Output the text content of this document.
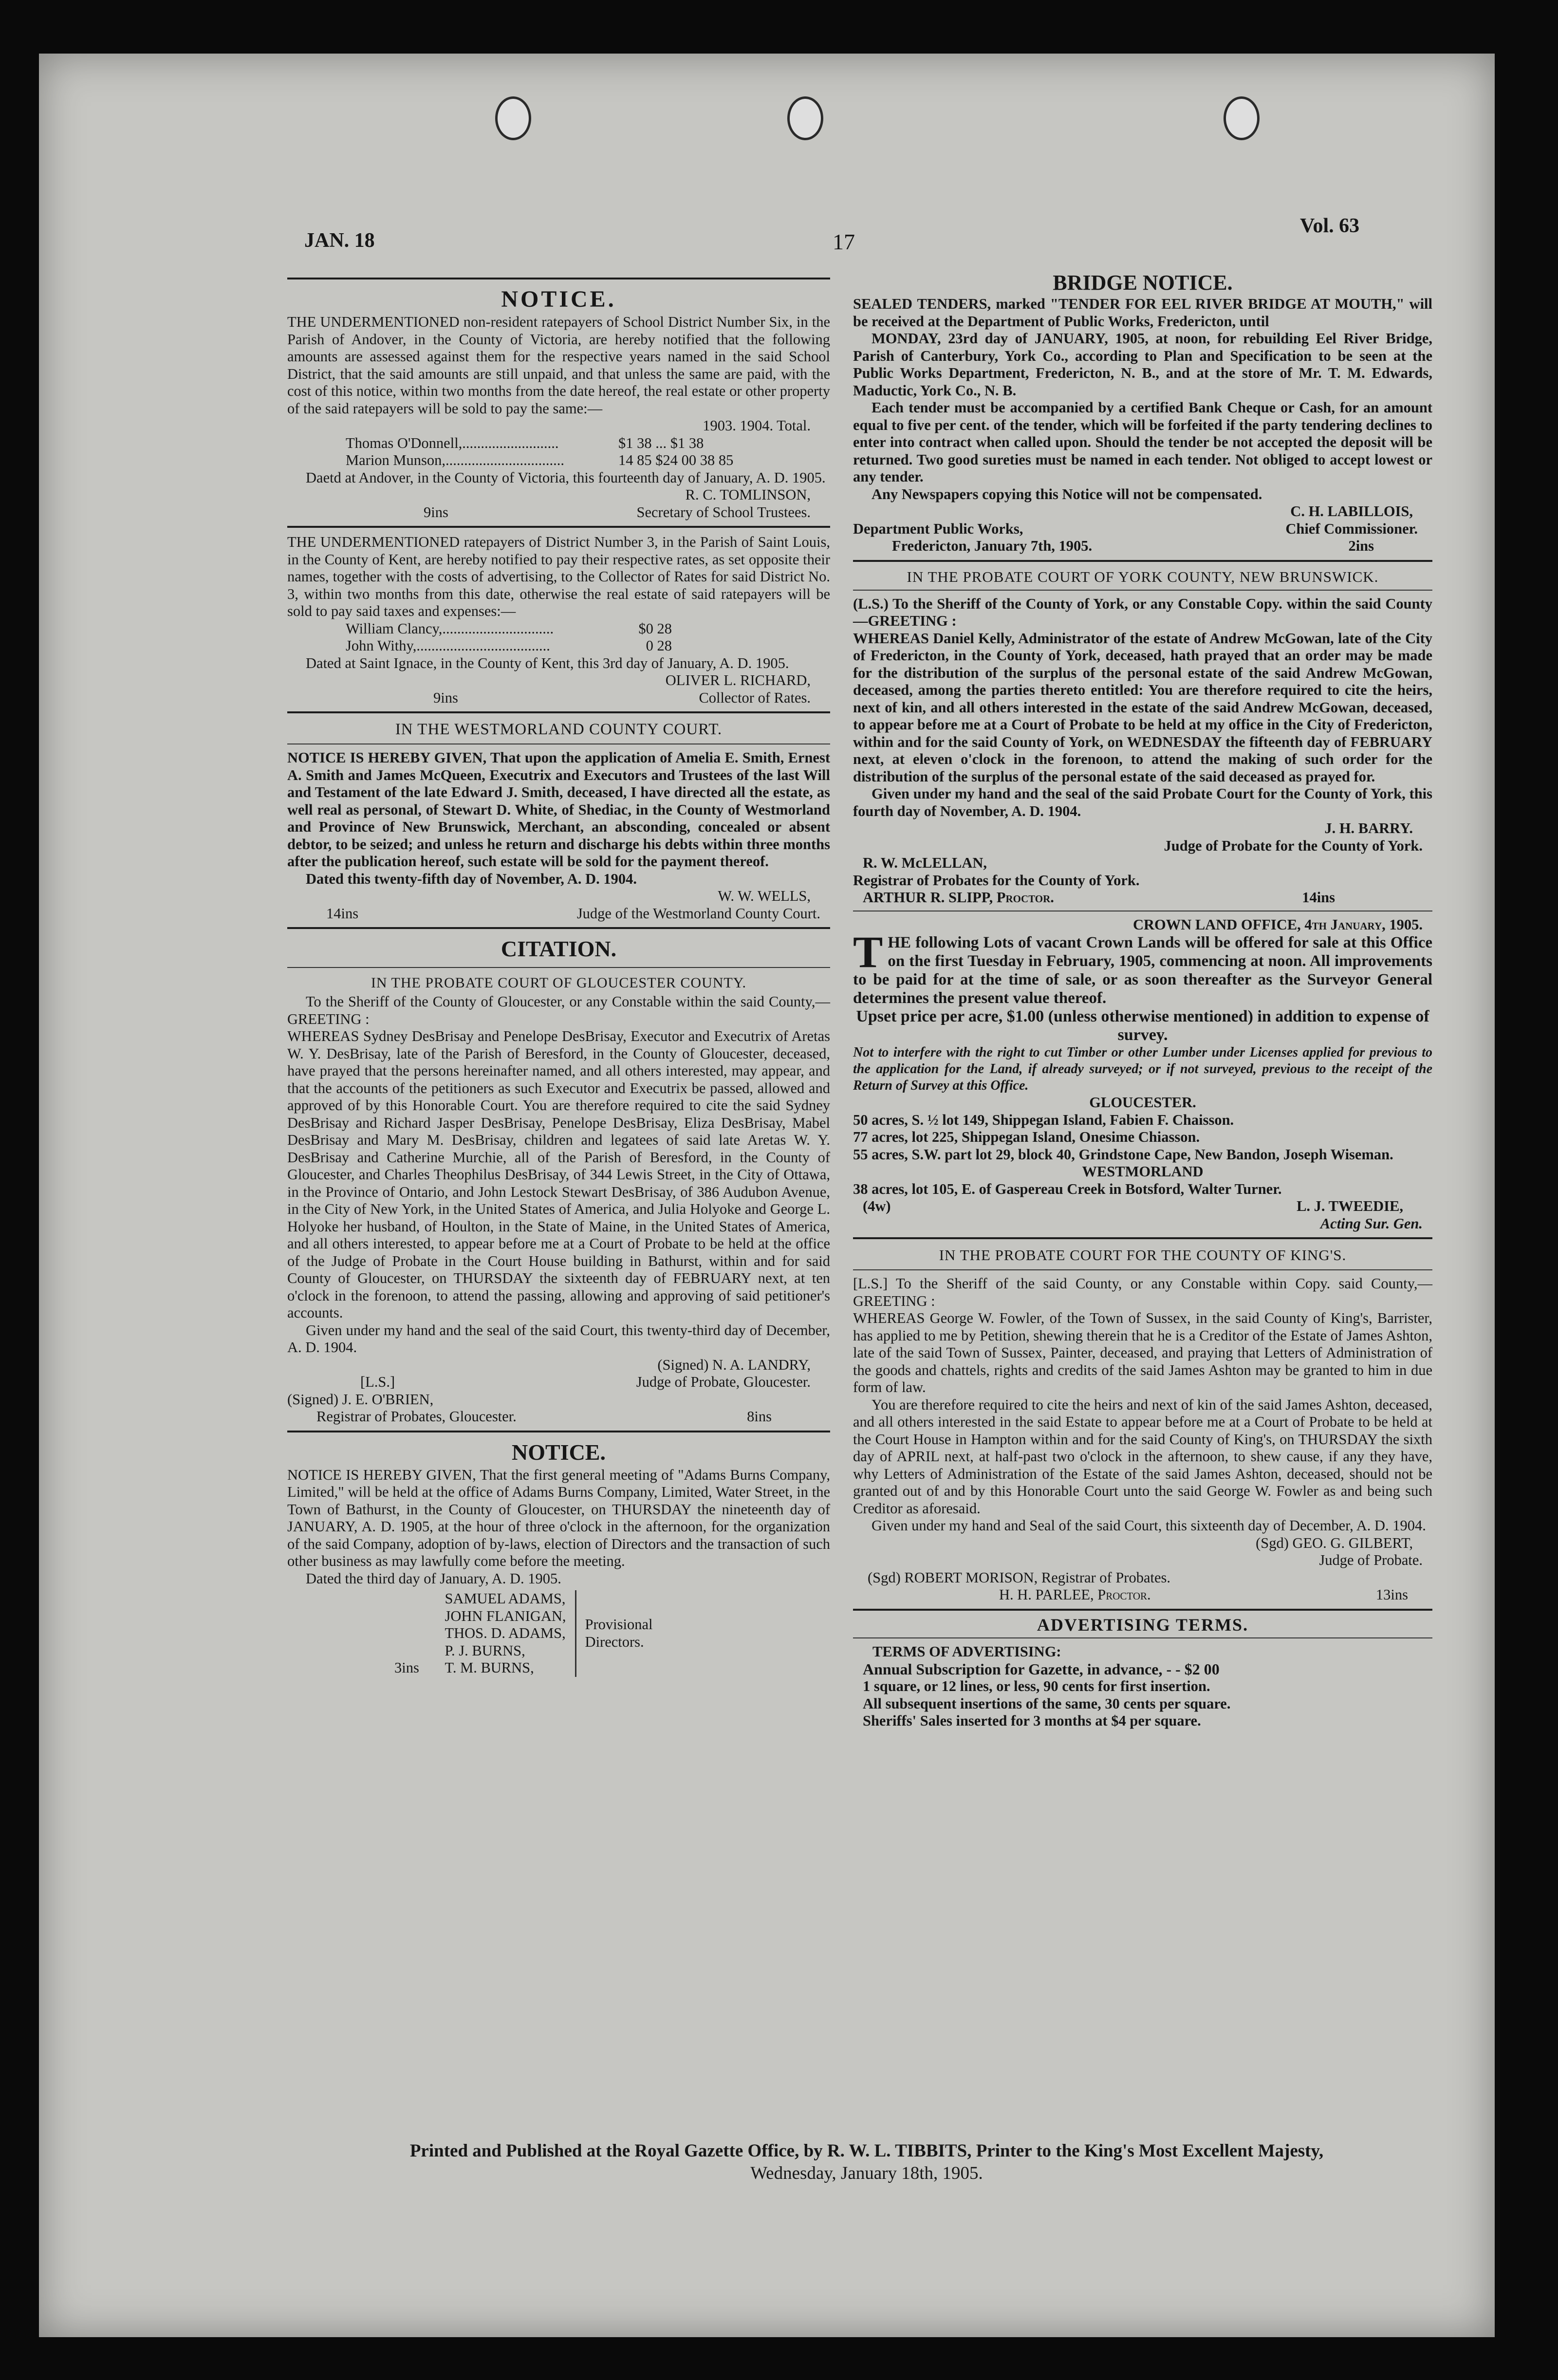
JAN. 18	17
Vol. 63
NOTICE.

THE UNDERMENTIONED non-resident ratepayers of School District Number Six, in the Parish of Andover, in the County of Victoria, are hereby notified that the following amounts are assessed against them for the respective years named in the said School District, that the said amounts are still unpaid, and that unless the same are paid, with the cost of this notice, within two months from the date hereof, the real estate or other property of the said ratepayers will be sold to pay the same:—

1903. 1904. Total.
Thomas O'Donnell,..........................	$1 38 ... $1 38
Marion Munson,................................	14 85 $24 00 38 85

Daetd at Andover, in the County of Victoria, this fourteenth day of January, A. D. 1905.

R. C. TOMLINSON,
9ins	Secretary of School Trustees.

THE UNDERMENTIONED ratepayers of District Number 3, in the Parish of Saint Louis, in the County of Kent, are hereby notified to pay their respective rates, as set opposite their names, together with the costs of advertising, to the Collector of Rates for said District No. 3, within two months from this date, otherwise the real estate of said ratepayers will be sold to pay said taxes and expenses:—

William Clancy,..............................	$0 28
John Withy,....................................	0 28

Dated at Saint Ignace, in the County of Kent, this 3rd day of January, A. D. 1905.

OLIVER L. RICHARD,
9ins	Collector of Rates.
IN THE WESTMORLAND COUNTY COURT.

NOTICE IS HEREBY GIVEN, That upon the application of Amelia E. Smith, Ernest A. Smith and James McQueen, Executrix and Executors and Trustees of the last Will and Testament of the late Edward J. Smith, deceased, I have directed all the estate, as well real as personal, of Stewart D. White, of Shediac, in the County of Westmorland and Province of New Brunswick, Merchant, an absconding, concealed or absent debtor, to be seized; and unless he return and discharge his debts within three months after the publication hereof, such estate will be sold for the payment thereof.

Dated this twenty-fifth day of November, A. D. 1904.

W. W. WELLS,
14ins	Judge of the Westmorland County Court.
CITATION.
IN THE PROBATE COURT OF GLOUCESTER COUNTY.

To the Sheriff of the County of Gloucester, or any Constable within the said County,—GREETING :

WHEREAS Sydney DesBrisay and Penelope DesBrisay, Executor and Executrix of Aretas W. Y. DesBrisay, late of the Parish of Beresford, in the County of Gloucester, deceased, have prayed that the persons hereinafter named, and all others interested, may appear, and that the accounts of the petitioners as such Executor and Executrix be passed, allowed and approved of by this Honorable Court. You are therefore required to cite the said Sydney DesBrisay and Richard Jasper DesBrisay, Penelope DesBrisay, Eliza DesBrisay, Mabel DesBrisay and Mary M. DesBrisay, children and legatees of said late Aretas W. Y. DesBrisay and Catherine Murchie, all of the Parish of Beresford, in the County of Gloucester, and Charles Theophilus DesBrisay, of 344 Lewis Street, in the City of Ottawa, in the Province of Ontario, and John Lestock Stewart DesBrisay, of 386 Audubon Avenue, in the City of New York, in the United States of America, and Julia Holyoke and George L. Holyoke her husband, of Houlton, in the State of Maine, in the United States of America, and all others interested, to appear before me at a Court of Probate to be held at the office of the Judge of Probate in the Court House building in Bathurst, within and for said County of Gloucester, on THURSDAY the sixteenth day of FEBRUARY next, at ten o'clock in the forenoon, to attend the passing, allowing and approving of said petitioner's accounts.

Given under my hand and the seal of the said Court, this twenty-third day of December, A. D. 1904.

(Signed) N. A. LANDRY,
[L.S.]	Judge of Probate, Gloucester.
(Signed) J. E. O'BRIEN,
Registrar of Probates, Gloucester.	8ins
NOTICE.

NOTICE IS HEREBY GIVEN, That the first general meeting of "Adams Burns Company, Limited," will be held at the office of Adams Burns Company, Limited, Water Street, in the Town of Bathurst, in the County of Gloucester, on THURSDAY the nineteenth day of JANUARY, A. D. 1905, at the hour of three o'clock in the afternoon, for the organization of the said Company, adoption of by-laws, election of Directors and the transaction of such other business as may lawfully come before the meeting.

Dated the third day of January, A. D. 1905.

SAMUEL ADAMS,
JOHN FLANIGAN,
THOS. D. ADAMS,
P. J. BURNS,
T. M. BURNS,
Provisional Directors.
3ins
BRIDGE NOTICE.

SEALED TENDERS, marked "TENDER FOR EEL RIVER BRIDGE AT MOUTH," will be received at the Department of Public Works, Fredericton, until

MONDAY, 23rd day of JANUARY, 1905, at noon, for rebuilding Eel River Bridge, Parish of Canterbury, York Co., according to Plan and Specification to be seen at the Public Works Department, Fredericton, N. B., and at the store of Mr. T. M. Edwards, Maductic, York Co., N. B.

Each tender must be accompanied by a certified Bank Cheque or Cash, for an amount equal to five per cent. of the tender, which will be forfeited if the party tendering declines to enter into contract when called upon. Should the tender be not accepted the deposit will be returned. Two good sureties must be named in each tender. Not obliged to accept lowest or any tender.

Any Newspapers copying this Notice will not be compensated.

C. H. LABILLOIS,
Department Public Works,	Chief Commissioner.
Fredericton, January 7th, 1905.	2ins
IN THE PROBATE COURT OF YORK COUNTY, NEW BRUNSWICK.

(L.S.) To the Sheriff of the County of York, or any Constable Copy. within the said County—GREETING :

WHEREAS Daniel Kelly, Administrator of the estate of Andrew McGowan, late of the City of Fredericton, in the County of York, deceased, hath prayed that an order may be made for the distribution of the surplus of the personal estate of the said Andrew McGowan, deceased, among the parties thereto entitled: You are therefore required to cite the heirs, next of kin, and all others interested in the estate of the said Andrew McGowan, deceased, to appear before me at a Court of Probate to be held at my office in the City of Fredericton, within and for the said County of York, on WEDNESDAY the fifteenth day of FEBRUARY next, at eleven o'clock in the forenoon, to attend the making of such order for the distribution of the surplus of the personal estate of the said deceased as prayed for.

Given under my hand and the seal of the said Probate Court for the County of York, this fourth day of November, A. D. 1904.

J. H. BARRY.
Judge of Probate for the County of York.
R. W. McLELLAN,
Registrar of Probates for the County of York.
ARTHUR R. SLIPP, Proctor.	14ins
CROWN LAND OFFICE, 4th January, 1905.

THE following Lots of vacant Crown Lands will be offered for sale at this Office on the first Tuesday in February, 1905, commencing at noon. All improvements to be paid for at the time of sale, or as soon thereafter as the Surveyor General determines the present value thereof.

Upset price per acre, $1.00 (unless otherwise mentioned) in addition to expense of survey.

Not to interfere with the right to cut Timber or other Lumber under Licenses applied for previous to the application for the Land, if already surveyed; or if not surveyed, previous to the receipt of the Return of Survey at this Office.

GLOUCESTER.
50 acres, S. ½ lot 149, Shippegan Island, Fabien F. Chaisson.
77 acres, lot 225, Shippegan Island, Onesime Chiasson.
55 acres, S.W. part lot 29, block 40, Grindstone Cape, New Bandon, Joseph Wiseman.
WESTMORLAND
38 acres, lot 105, E. of Gaspereau Creek in Botsford, Walter Turner.
(4w)	L. J. TWEEDIE,
Acting Sur. Gen.
IN THE PROBATE COURT FOR THE COUNTY OF KING'S.

[L.S.] To the Sheriff of the said County, or any Constable within Copy. said County,—GREETING :

WHEREAS George W. Fowler, of the Town of Sussex, in the said County of King's, Barrister, has applied to me by Petition, shewing therein that he is a Creditor of the Estate of James Ashton, late of the said Town of Sussex, Painter, deceased, and praying that Letters of Administration of the goods and chattels, rights and credits of the said James Ashton may be granted to him in due form of law.

You are therefore required to cite the heirs and next of kin of the said James Ashton, deceased, and all others interested in the said Estate to appear before me at a Court of Probate to be held at the Court House in Hampton within and for the said County of King's, on THURSDAY the sixth day of APRIL next, at half-past two o'clock in the afternoon, to shew cause, if any they have, why Letters of Administration of the Estate of the said James Ashton, deceased, should not be granted out of and by this Honorable Court unto the said George W. Fowler as and being such Creditor as aforesaid.

Given under my hand and Seal of the said Court, this sixteenth day of December, A. D. 1904.

(Sgd) GEO. G. GILBERT,
Judge of Probate.
(Sgd) ROBERT MORISON, Registrar of Probates.
H. H. PARLEE, Proctor.	13ins
ADVERTISING TERMS.
TERMS OF ADVERTISING:
Annual Subscription for Gazette, in advance, - - $2 00
1 square, or 12 lines, or less, 90 cents for first insertion.
All subsequent insertions of the same, 30 cents per square.
Sheriffs' Sales inserted for 3 months at $4 per square.
Printed and Published at the Royal Gazette Office, by R. W. L. TIBBITS, Printer to the King's Most Excellent Majesty,
Wednesday, January 18th, 1905.
